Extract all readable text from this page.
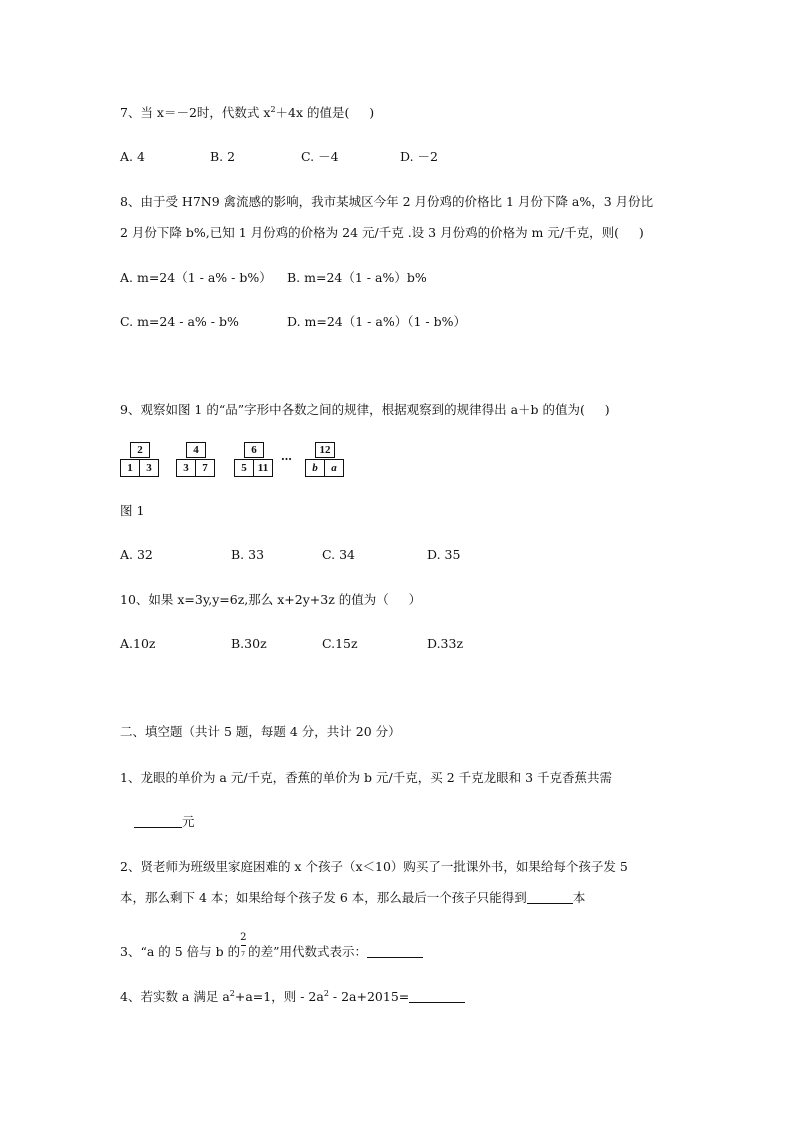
7、当 x＝－2时，代数式 $x^2+4x$ 的值是(     )
A. 4	B. 2	C. －4	D. －2
8、由于受 H7N9 禽流感的影响，我市某城区今年 2 月份鸡的价格比 1 月份下降 a%，3 月份比
2 月份下降 b%,已知 1 月份鸡的价格为 24 元/千克 .设 3 月份鸡的价格为 m 元/千克，则(     )
A. m=24（1 - a% - b%） B. m=24（1 - a%）b%
C. m=24 - a% - b%	D. m=24（1 - a%）（1 - b%）
9、观察如图 1 的“品”字形中各数之间的规律，根据观察到的规律得出 a＋b 的值为(     )
2
1	3
4
3	7
6
5	11
…	12
b	a
图 1
A. 32	B. 33	C. 34	D. 35
10、如果 x=3y,y=6z,那么 x+2y+3z 的值为（     ）
A.10z	B.30z	C.15z	D.33z
二、填空题（共计 5 题，每题 4 分，共计 20 分）
1、龙眼的单价为 a 元/千克，香蕉的单价为 b 元/千克，买 2 千克龙眼和 3 千克香蕉共需
元
2、贤老师为班级里家庭困难的 x 个孩子（x＜10）购买了一批课外书，如果给每个孩子发 5
本，那么剩下 4 本；如果给每个孩子发 6 本，那么最后一个孩子只能得到	本
3、“a 的 5 倍与 b 的 $\frac{2}{7}$ 的差”用代数式表示：
4、若实数 a 满足 $a^2+a=1$，则 - $2a^2 - 2a+2015=$
